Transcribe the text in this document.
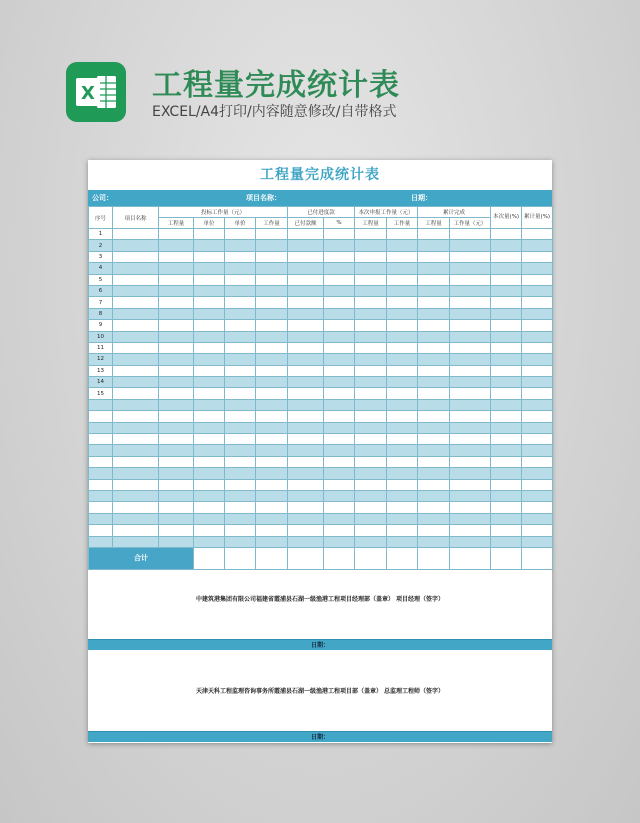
X 工程量完成统计表
EXCEL/A4打印/内容随意修改/自带格式
工程量完成统计表
公司：	项目名称：	日期：
序号	项目名称	投标工作量（元）				已付进度款		本次申报工作量（元）		累计完成		本次量(%)	累计量(%)
		工程量	单位	单价	工作量	已付款额	%	工程量	工作量	工程量	工作量（元）		
1													
2													
3													
4													
5													
6													
7													
8													
9													
10													
11													
12													
13													
14													
15													

合计													
中建筑港集团有限公司福建省霞浦县石湖一级渔港工程项目经理部（盖章） 项目经理（签字）
日期：
天津天科工程监理咨询事务所霞浦县石湖一级渔港工程项目部（盖章） 总监理工程师（签字）
日期：
